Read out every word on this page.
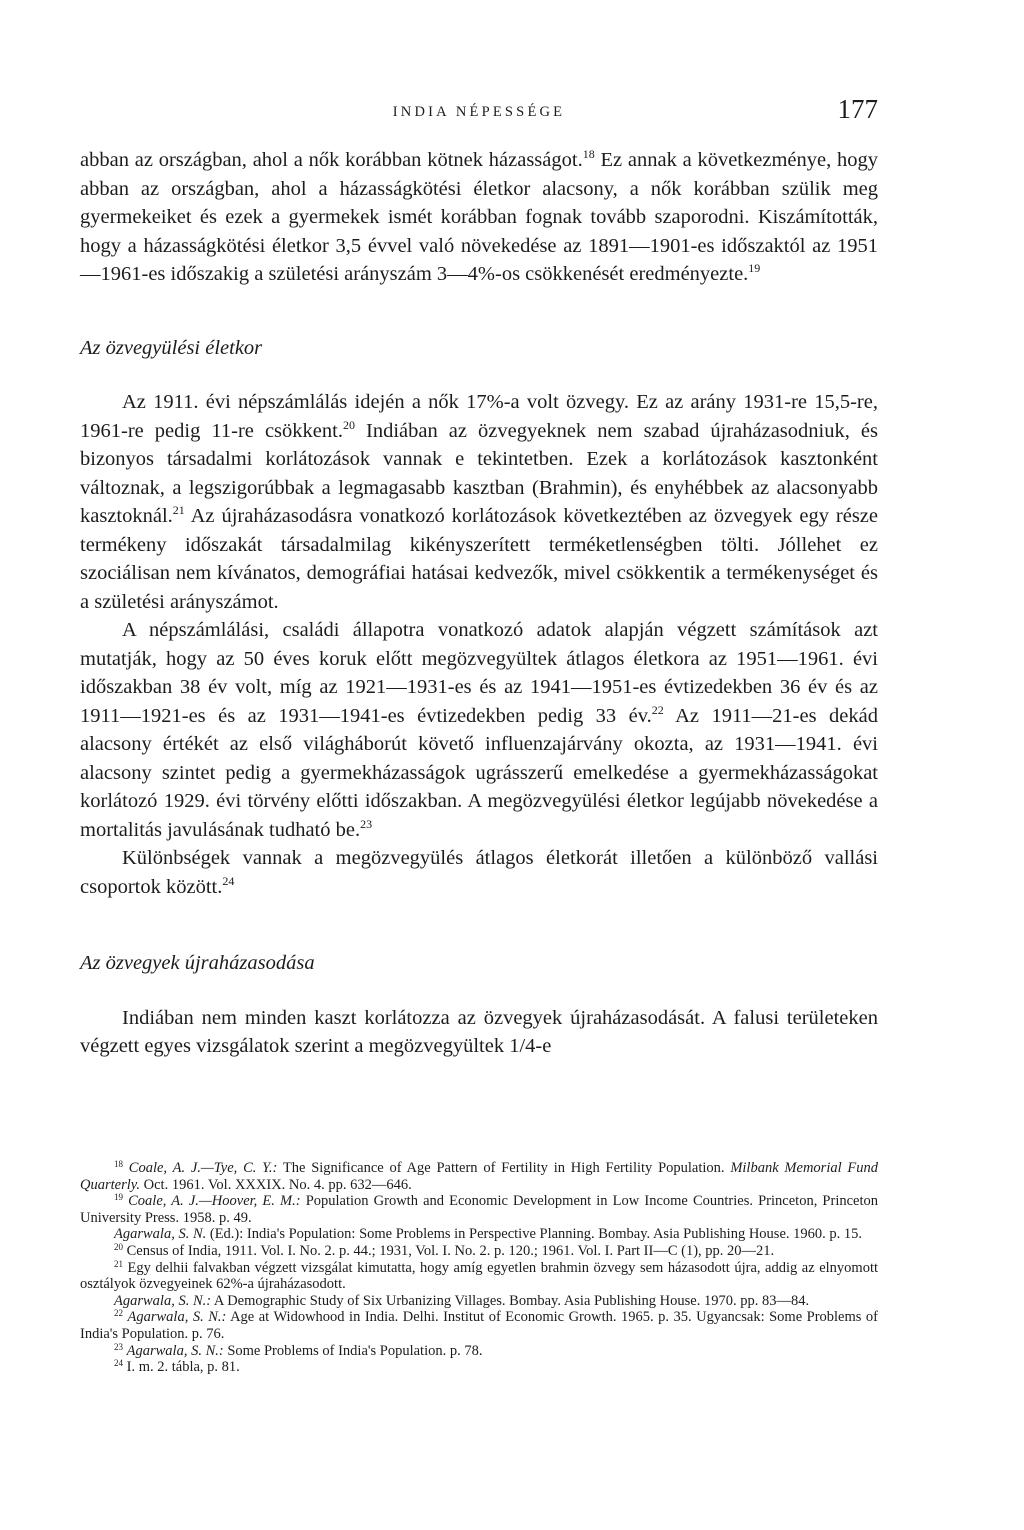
INDIA NÉPESSÉGE	177

abban az országban, ahol a nők korábban kötnek házasságot.$^{18}$ Ez annak a következménye, hogy abban az országban, ahol a házasságkötési életkor alacsony, a nők korábban szülik meg gyermekeiket és ezek a gyermekek ismét korábban fognak tovább szaporodni. Kiszámították, hogy a házasságkötési életkor 3,5 évvel való növekedése az 1891—1901-es időszaktól az 1951—1961-es időszakig a születési arányszám 3—4%-os csökkenését eredményezte.$^{19}$

Az özvegyülési életkor

Az 1911. évi népszámlálás idején a nők 17%-a volt özvegy. Ez az arány 1931-re 15,5-re, 1961-re pedig 11-re csökkent.$^{20}$ Indiában az özvegyeknek nem szabad újraházasodniuk, és bizonyos társadalmi korlátozások vannak e tekintetben. Ezek a korlátozások kasztonként változnak, a legszigorúbbak a legmagasabb kasztban (Brahmin), és enyhébbek az alacsonyabb kasztoknál.$^{21}$ Az újraházasodásra vonatkozó korlátozások következtében az özvegyek egy része termékeny időszakát társadalmilag kikényszerített terméketlenségben tölti. Jóllehet ez szociálisan nem kívánatos, demográfiai hatásai kedvezők, mivel csökkentik a termékenységet és a születési arányszámot.

A népszámlálási, családi állapotra vonatkozó adatok alapján végzett számítások azt mutatják, hogy az 50 éves koruk előtt megözvegyültek átlagos életkora az 1951—1961. évi időszakban 38 év volt, míg az 1921—1931-es és az 1941—1951-es évtizedekben 36 év és az 1911—1921-es és az 1931—1941-es évtizedekben pedig 33 év.$^{22}$ Az 1911—21-es dekád alacsony értékét az első világháborút követő influenzajárvány okozta, az 1931—1941. évi alacsony szintet pedig a gyermekházasságok ugrásszerű emelkedése a gyermekházasságokat korlátozó 1929. évi törvény előtti időszakban. A megözvegyülési életkor legújabb növekedése a mortalitás javulásának tudható be.$^{23}$

Különbségek vannak a megözvegyülés átlagos életkorát illetően a különböző vallási csoportok között.$^{24}$

Az özvegyek újraházasodása

Indiában nem minden kaszt korlátozza az özvegyek újraházasodását. A falusi területeken végzett egyes vizsgálatok szerint a megözvegyültek 1/4-e

$^{18}$ Coale, A. J.—Tye, C. Y.: The Significance of Age Pattern of Fertility in High Fertility Population. Milbank Memorial Fund Quarterly. Oct. 1961. Vol. XXXIX. No. 4. pp. 632—646.

$^{19}$ Coale, A. J.—Hoover, E. M.: Population Growth and Economic Development in Low Income Countries. Princeton, Princeton University Press. 1958. p. 49.

Agarwala, S. N. (Ed.): India's Population: Some Problems in Perspective Planning. Bombay. Asia Publishing House. 1960. p. 15.

$^{20}$ Census of India, 1911. Vol. I. No. 2. p. 44.; 1931, Vol. I. No. 2. p. 120.; 1961. Vol. I. Part II—C (1), pp. 20—21.

$^{21}$ Egy delhii falvakban végzett vizsgálat kimutatta, hogy amíg egyetlen brahmin özvegy sem házasodott újra, addig az elnyomott osztályok özvegyeinek 62%-a újraházasodott.

Agarwala, S. N.: A Demographic Study of Six Urbanizing Villages. Bombay. Asia Publishing House. 1970. pp. 83—84.

$^{22}$ Agarwala, S. N.: Age at Widowhood in India. Delhi. Institut of Economic Growth. 1965. p. 35. Ugyancsak: Some Problems of India's Population. p. 76.

$^{23}$ Agarwala, S. N.: Some Problems of India's Population. p. 78.

$^{24}$ I. m. 2. tábla, p. 81.
